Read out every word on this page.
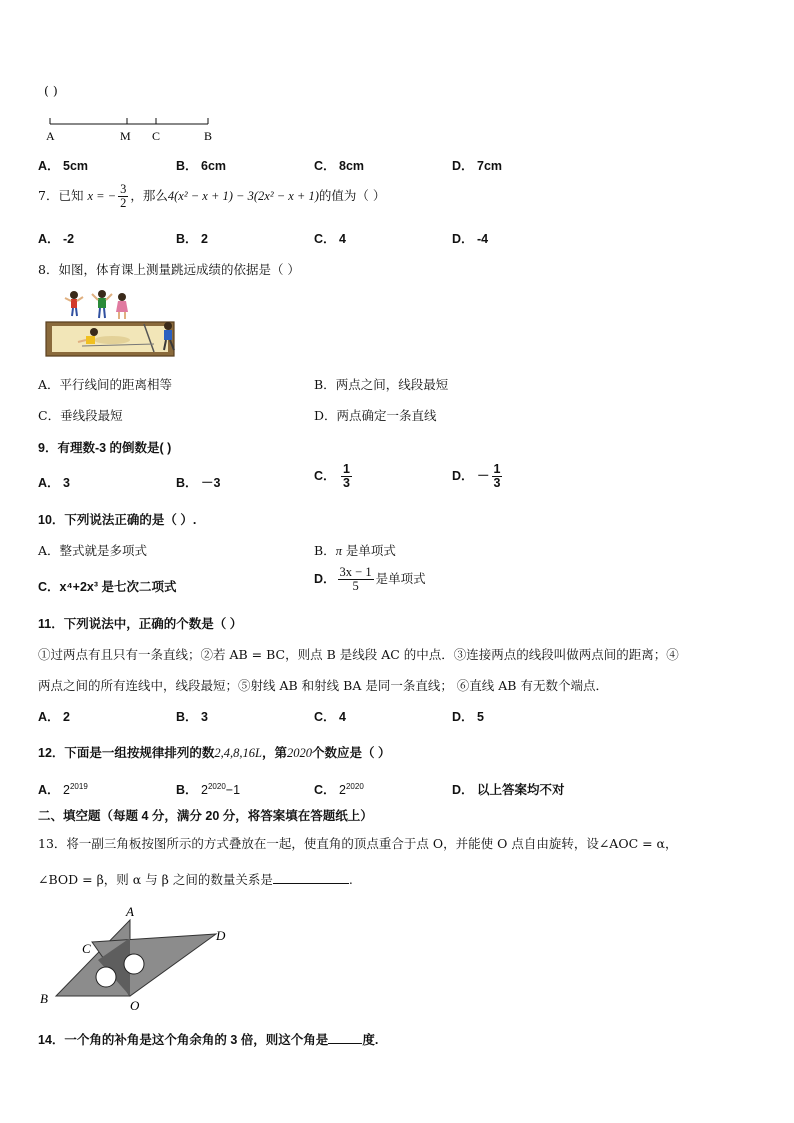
( )
A	M C	B
A． 5cm	B． 6cm	C． 8cm	D． 7cm
7．已知 x = − $\frac{3}{2}$ ，那么4(x² − x + 1) − 3(2x² − x + 1)的值为（ ）
A． -2	B． 2	C． 4	D． -4
8．如图，体育课上测量跳远成绩的依据是（ ）
A．平行线间的距离相等	B．两点之间，线段最短
C．垂线段最短	D．两点确定一条直线
9．有理数-3 的倒数是( )
A． 3	B． －3
C． $\frac{1}{3}$	D． － $\frac{1}{3}$
10．下列说法正确的是（ ）.
A．整式就是多项式	B．π 是单项式
C．x⁴+2x³ 是七次二项式
D． $\frac{3x - 1}{5}$ 是单项式
11．下列说法中，正确的个数是（ ）
①过两点有且只有一条直线；②若 AB = BC，则点 B 是线段 AC 的中点．③连接两点的线段叫做两点间的距离；④
两点之间的所有连线中，线段最短；⑤射线 AB 和射线 BA 是同一条直线； ⑥直线 AB 有无数个端点．
A． 2	B． 3	C． 4	D． 5
12．下面是一组按规律排列的数2,4,8,16L，第2020个数应是（ ）
A． $2^{2019}$	B． $2^{2020}-1$	C． $2^{2020}$	D． 以上答案均不对
二、填空题（每题 4 分，满分 20 分，将答案填在答题纸上）
13．将一副三角板按图所示的方式叠放在一起，使直角的顶点重合于点 O，并能使 O 点自由旋转，设∠AOC = α，
∠BOD = β，则 α 与 β 之间的数量关系是	.
A
C
D
B	O
14．一个角的补角是这个角余角的 3 倍，则这个角是	度.
